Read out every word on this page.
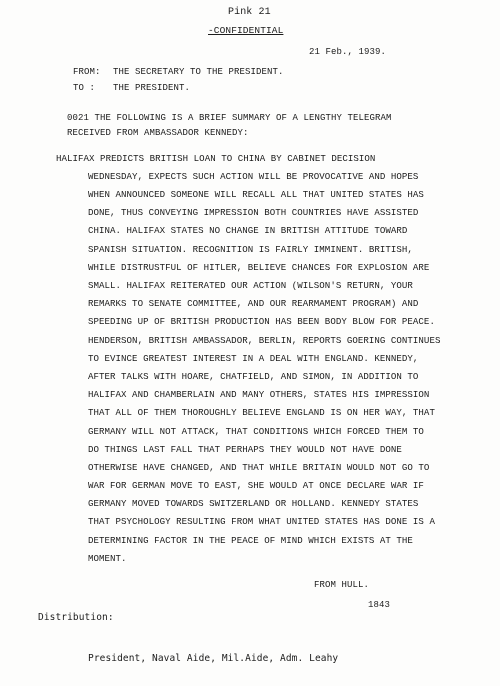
Pink 21
-CONFIDENTIAL
21 Feb., 1939.
FROM: THE SECRETARY TO THE PRESIDENT.
TO : THE PRESIDENT.
0021 THE FOLLOWING IS A BRIEF SUMMARY OF A LENGTHY TELEGRAM
RECEIVED FROM AMBASSADOR KENNEDY:
HALIFAX PREDICTS BRITISH LOAN TO CHINA BY CABINET DECISION
WEDNESDAY, EXPECTS SUCH ACTION WILL BE PROVOCATIVE AND HOPES
WHEN ANNOUNCED SOMEONE WILL RECALL ALL THAT UNITED STATES HAS
DONE, THUS CONVEYING IMPRESSION BOTH COUNTRIES HAVE ASSISTED
CHINA. HALIFAX STATES NO CHANGE IN BRITISH ATTITUDE TOWARD
SPANISH SITUATION. RECOGNITION IS FAIRLY IMMINENT. BRITISH,
WHILE DISTRUSTFUL OF HITLER, BELIEVE CHANCES FOR EXPLOSION ARE
SMALL. HALIFAX REITERATED OUR ACTION (WILSON'S RETURN, YOUR
REMARKS TO SENATE COMMITTEE, AND OUR REARMAMENT PROGRAM) AND
SPEEDING UP OF BRITISH PRODUCTION HAS BEEN BODY BLOW FOR PEACE.
HENDERSON, BRITISH AMBASSADOR, BERLIN, REPORTS GOERING CONTINUES
TO EVINCE GREATEST INTEREST IN A DEAL WITH ENGLAND. KENNEDY,
AFTER TALKS WITH HOARE, CHATFIELD, AND SIMON, IN ADDITION TO
HALIFAX AND CHAMBERLAIN AND MANY OTHERS, STATES HIS IMPRESSION
THAT ALL OF THEM THOROUGHLY BELIEVE ENGLAND IS ON HER WAY, THAT
GERMANY WILL NOT ATTACK, THAT CONDITIONS WHICH FORCED THEM TO
DO THINGS LAST FALL THAT PERHAPS THEY WOULD NOT HAVE DONE
OTHERWISE HAVE CHANGED, AND THAT WHILE BRITAIN WOULD NOT GO TO
WAR FOR GERMAN MOVE TO EAST, SHE WOULD AT ONCE DECLARE WAR IF
GERMANY MOVED TOWARDS SWITZERLAND OR HOLLAND. KENNEDY STATES
THAT PSYCHOLOGY RESULTING FROM WHAT UNITED STATES HAS DONE IS A
DETERMINING FACTOR IN THE PEACE OF MIND WHICH EXISTS AT THE
MOMENT.
FROM HULL.
1843
Distribution:
President, Naval Aide, Mil.Aide, Adm. Leahy
